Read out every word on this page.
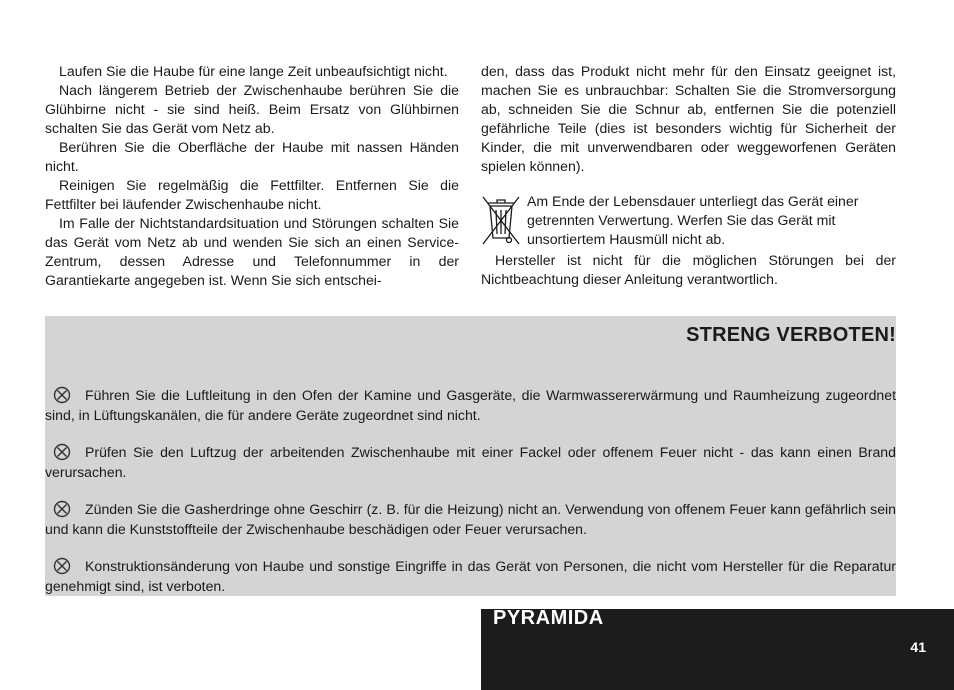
Laufen Sie die Haube für eine lange Zeit unbeaufsichtigt nicht.

Nach längerem Betrieb der Zwischenhaube berühren Sie die Glühbirne nicht - sie sind heiß. Beim Ersatz von Glühbirnen schalten Sie das Gerät vom Netz ab.

Berühren Sie die Oberfläche der Haube mit nassen Händen nicht.

Reinigen Sie regelmäßig die Fettfilter. Entfernen Sie die Fettfilter bei läufender Zwischenhaube nicht.

Im Falle der Nichtstandardsituation und Störungen schalten Sie das Gerät vom Netz ab und wenden Sie sich an einen Service-Zentrum, dessen Adresse und Telefonnummer in der Garantiekarte angegeben ist. Wenn Sie sich entschei-

den, dass das Produkt nicht mehr für den Einsatz geeignet ist, machen Sie es unbrauchbar: Schalten Sie die Stromversorgung ab, schneiden Sie die Schnur ab, entfernen Sie die potenziell gefährliche Teile (dies ist besonders wichtig für Sicherheit der Kinder, die mit unverwendbaren oder weggeworfenen Geräten spielen können).

Am Ende der Lebensdauer unterliegt das Gerät einer getrennten Verwertung. Werfen Sie das Gerät mit unsortiertem Hausmüll nicht ab.

Hersteller ist nicht für die möglichen Störungen bei der Nichtbeachtung dieser Anleitung verantwortlich.

STRENG VERBOTEN!
Führen Sie die Luftleitung in den Ofen der Kamine und Gasgeräte, die Warmwassererwärmung und Raumheizung zugeordnet sind, in Lüftungskanälen, die für andere Geräte zugeordnet sind nicht.
Prüfen Sie den Luftzug der arbeitenden Zwischenhaube mit einer Fackel oder offenem Feuer nicht - das kann einen Brand verursachen.
Zünden Sie die Gasherdringe ohne Geschirr (z. B. für die Heizung) nicht an. Verwendung von offenem Feuer kann gefährlich sein und kann die Kunststoffteile der Zwischenhaube beschädigen oder Feuer verursachen.
Konstruktionsänderung von Haube und sonstige Eingriffe in das Gerät von Personen, die nicht vom Hersteller für die Reparatur genehmigt sind, ist verboten.
PYRAMIDA
41
